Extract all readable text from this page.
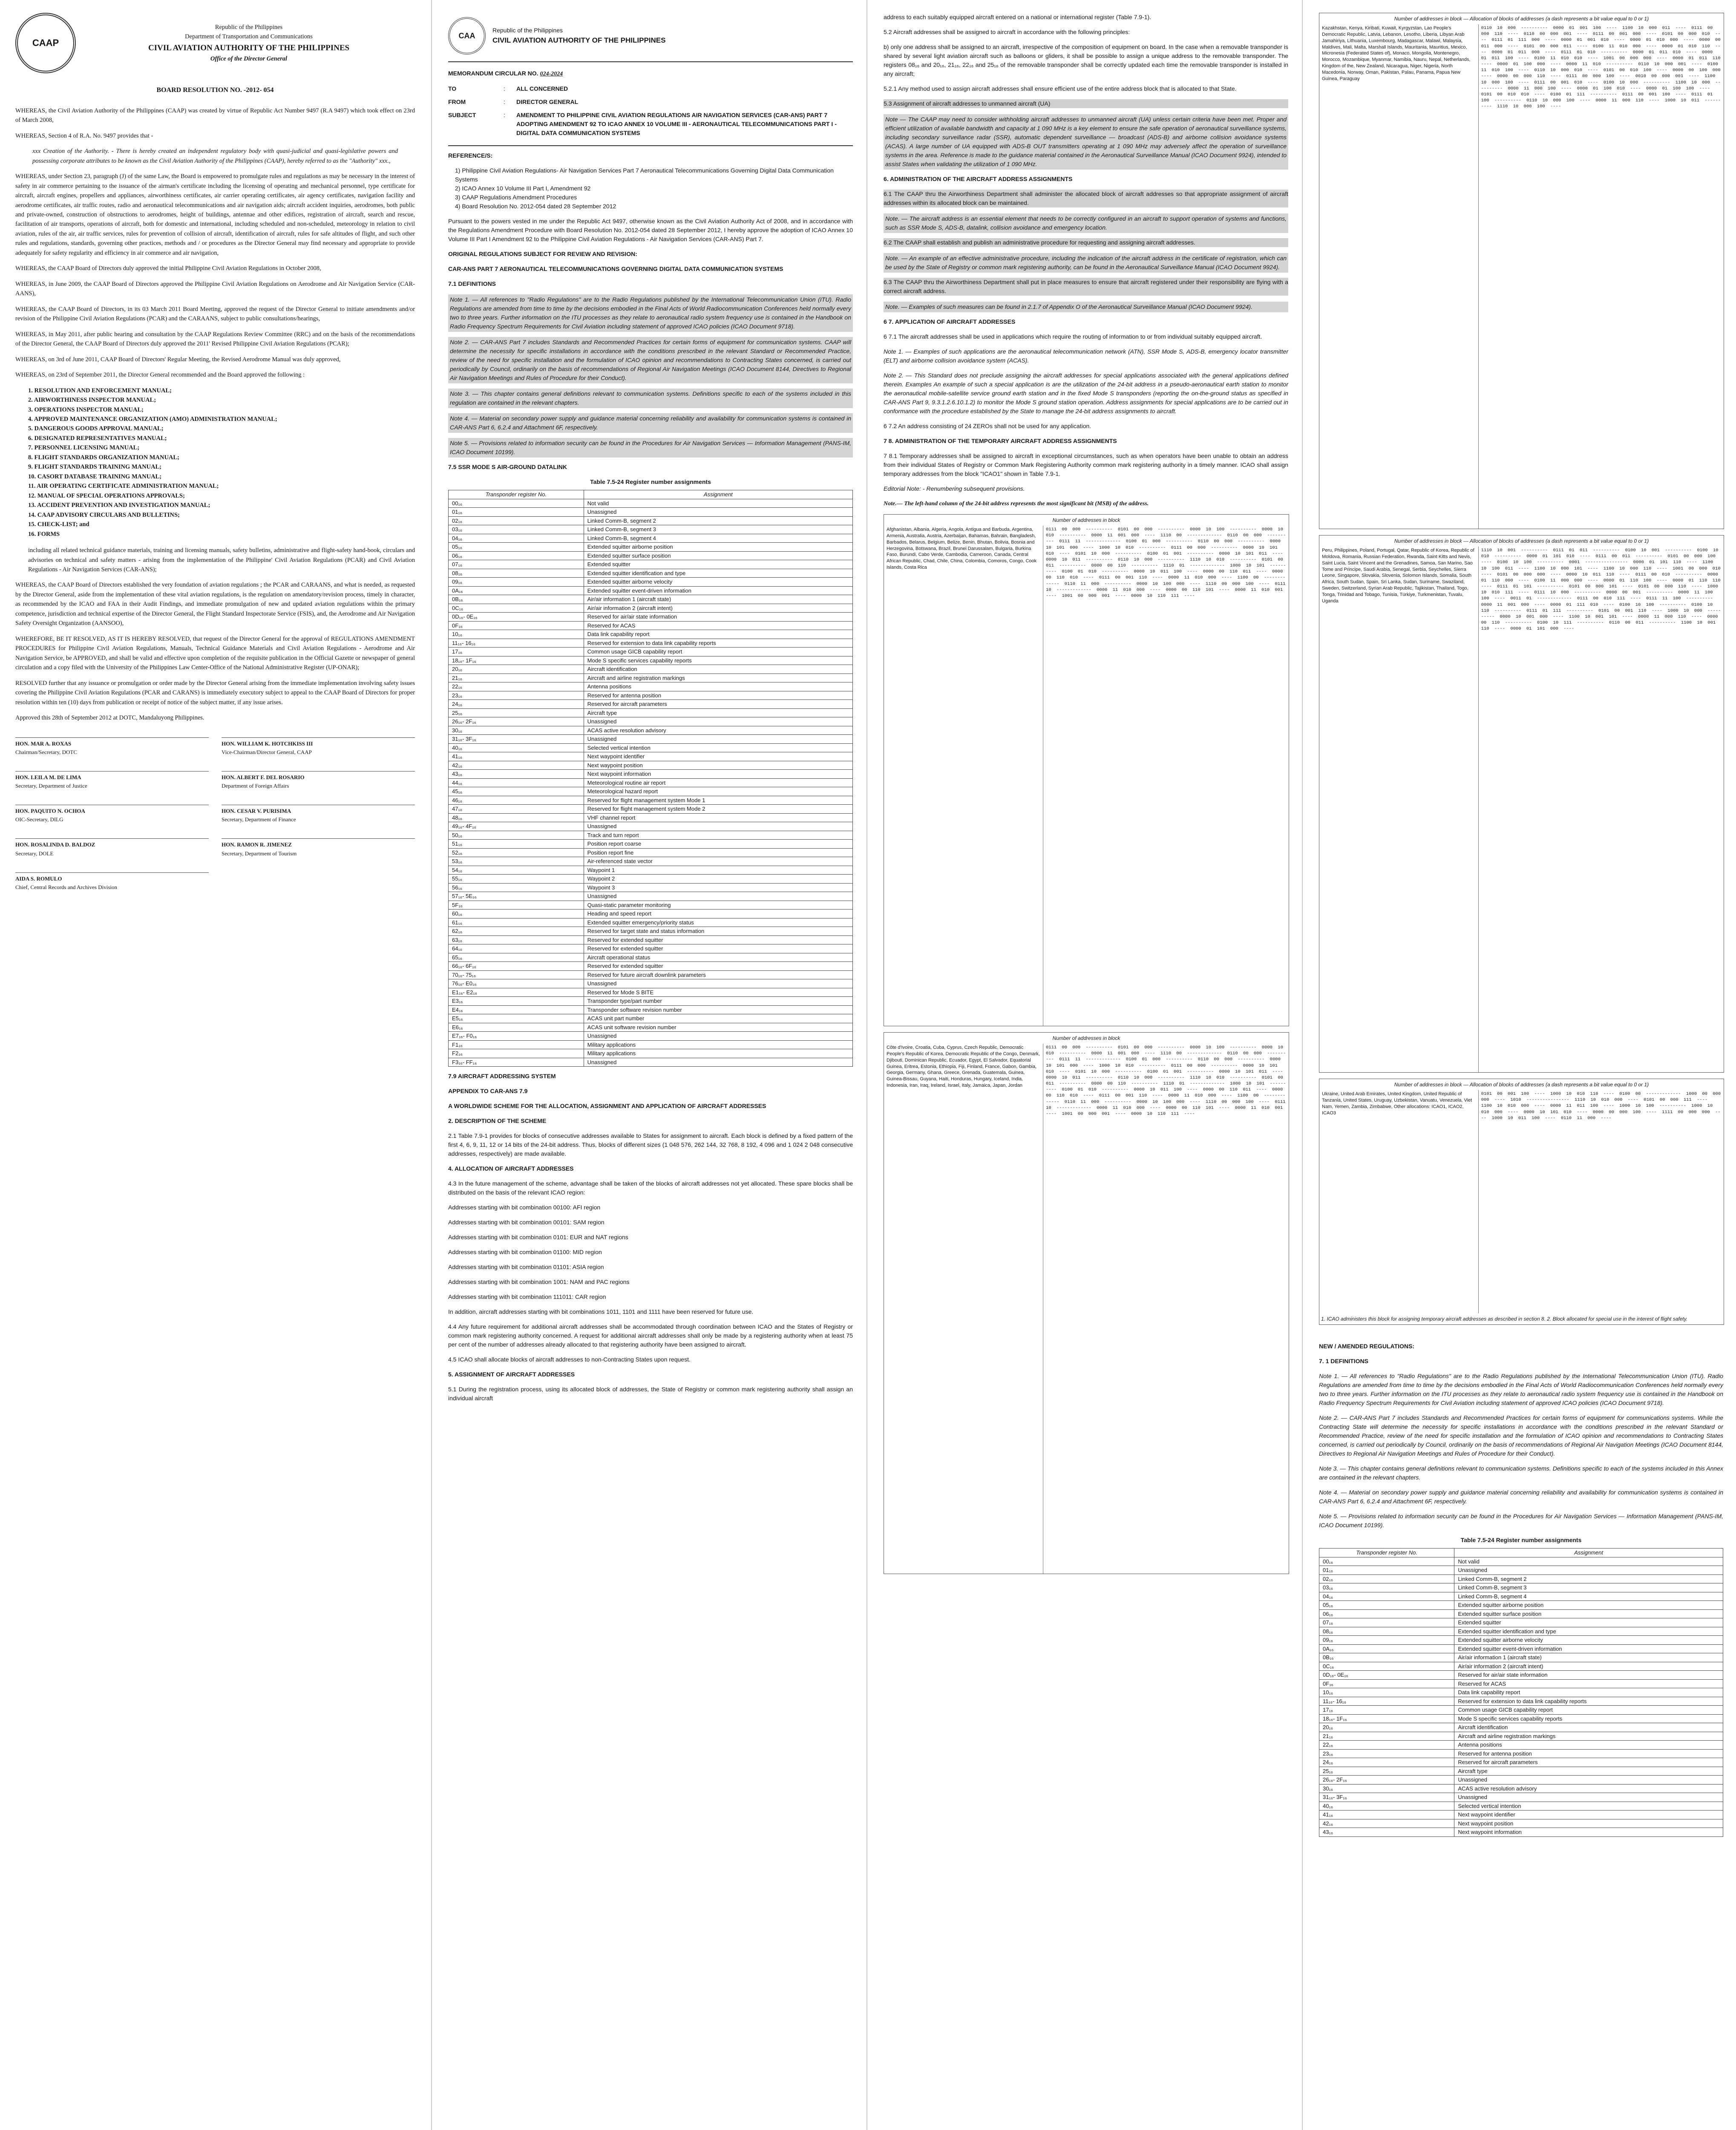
CAAP
Republic of the Philippines
Department of Transportation and Communications
CIVIL AVIATION AUTHORITY OF THE PHILIPPINES
Office of the Director General

BOARD RESOLUTION NO. -2012- 054

WHEREAS, the Civil Aviation Authority of the Philippines (CAAP) was created by virtue of Republic Act Number 9497 (R.A 9497) which took effect on 23rd of March 2008,

WHEREAS, Section 4 of R.A. No. 9497 provides that -

xxx Creation of the Authority. - There is hereby created an independent regulatory body with quasi-judicial and quasi-legislative powers and possessing corporate attributes to be known as the Civil Aviation Authority of the Philippines (CAAP), hereby referred to as the "Authority" xxx.,

WHEREAS, under Section 23, paragraph (J) of the same Law, the Board is empowered to promulgate rules and regulations as may be necessary in the interest of safety in air commerce pertaining to the issuance of the airman's certificate including the licensing of operating and mechanical personnel, type certificate for aircraft, aircraft engines, propellers and appliances, airworthiness certificates, air carrier operating certificates, air agency certificates, navigation facility and aerodrome certificates, air traffic routes, radio and aeronautical telecommunications and air navigation aids; aircraft accident inquiries, aerodromes, both public and private-owned, construction of obstructions to aerodromes, height of buildings, antennae and other edifices, registration of aircraft, search and rescue, facilitation of air transports, operations of aircraft, both for domestic and international, including scheduled and non-scheduled, meteorology in relation to civil aviation, rules of the air, air traffic services, rules for prevention of collision of aircraft, identification of aircraft, rules for safe altitudes of flight, and such other rules and regulations, standards, governing other practices, methods and / or procedures as the Director General may find necessary and appropriate to provide adequately for safety regularity and efficiency in air commerce and air navigation,

WHEREAS, the CAAP Board of Directors duly approved the initial Philippine Civil Aviation Regulations in October 2008,

WHEREAS, in June 2009, the CAAP Board of Directors approved the Philippine Civil Aviation Regulations on Aerodrome and Air Navigation Service (CAR-AANS),

WHEREAS, the CAAP Board of Directors, in its 03 March 2011 Board Meeting, approved the request of the Director General to initiate amendments and/or revision of the Philippine Civil Aviation Regulations (PCAR) and the CARAANS, subject to public consultations/hearings,

WHEREAS, in May 2011, after public hearing and consultation by the CAAP Regulations Review Committee (RRC) and on the basis of the recommendations of the Director General, the CAAP Board of Directors duly approved the 2011' Revised Philippine Civil Aviation Regulations (PCAR);

WHEREAS, on 3rd of June 2011, CAAP Board of Directors' Regular Meeting, the Revised Aerodrome Manual was duly approved,

WHEREAS, on 23rd of September 2011, the Director General recommended and the Board approved the following :

1. RESOLUTION AND ENFORCEMENT MANUAL;
2. AIRWORTHINESS INSPECTOR MANUAL;
3. OPERATIONS INSPECTOR MANUAL;
4. APPROVED MAINTENANCE ORGANIZATION (AMO) ADMINISTRATION MANUAL;
5. DANGEROUS GOODS APPROVAL MANUAL;
6. DESIGNATED REPRESENTATIVES MANUAL;
7. PERSONNEL LICENSING MANUAL;
8. FLIGHT STANDARDS ORGANIZATION MANUAL;
9. FLIGHT STANDARDS TRAINING MANUAL;
10. CASORT DATABASE TRAINING MANUAL;
11. AIR OPERATING CERTIFICATE ADMINISTRATION MANUAL;
12. MANUAL OF SPECIAL OPERATIONS APPROVALS;
13. ACCIDENT PREVENTION AND INVESTIGATION MANUAL;
14. CAAP ADVISORY CIRCULARS AND BULLETINS;
15. CHECK-LIST; and
16. FORMS

including all related technical guidance materials, training and licensing manuals, safety bulletins, administrative and flight-safety hand-book, circulars and advisories on technical and safety matters - arising from the implementation of the Philippine' Civil Aviation Regulations (PCAR) and Civil Aviation Regulations - Air Navigation Services (CAR-ANS);

WHEREAS, the CAAP Board of Directors established the very foundation of aviation regulations ; the PCAR and CARAANS, and what is needed, as requested by the Director General, aside from the implementation of these vital aviation regulations, is the regulation on amendatory/revision process, timely in character, as recommended by the ICAO and FAA in their Audit Findings, and immediate promulgation of new and updated aviation regulations within the primary competence, jurisdiction and technical expertise of the Director General, the Flight Standard Inspectorate Service (FSIS), and, the Aerodrome and Air Navigation Safety Oversight Organization (AANSOO),

WHEREFORE, BE IT RESOLVED, AS IT IS HEREBY RESOLVED, that request of the Director General for the approval of REGULATIONS AMENDMENT PROCEDURES for Philippine Civil Aviation Regulations, Manuals, Technical Guidance Materials and Civil Aviation Regulations - Aerodrome and Air Navigation Service, be APPROVED, and shall be valid and effective upon completion of the requisite publication in the Official Gazette or newspaper of general circulation and a copy filed with the University of the Philippines Law Center-Office of the National Administrative Register (UP-ONAR);

RESOLVED further that any issuance or promulgation or order made by the Director General arising from the immediate implementation involving safety issues covering the Philippine Civil Aviation Regulations (PCAR and CARANS) is immediately executory subject to appeal to the CAAP Board of Directors for proper resolution within ten (10) days from publication or receipt of notice of the subject matter, if any issue arises.

Approved this 28th of September 2012 at DOTC, Mandaluyong Philippines.

HON. MAR A. ROXAS
Chairman/Secretary, DOTC
HON. WILLIAM K. HOTCHKISS III
Vice-Chairman/Director General, CAAP
HON. LEILA M. DE LIMA
Secretary, Department of Justice
HON. ALBERT F. DEL ROSARIO
Department of Foreign Affairs
HON. PAQUITO N. OCHOA
OIC-Secretary, DILG
HON. CESAR V. PURISIMA
Secretary, Department of Finance
HON. ROSALINDA D. BALDOZ
Secretary, DOLE
HON. RAMON R. JIMENEZ
Secretary, Department of Tourism
AIDA S. ROMULO
Chief, Central Records and Archives Division
CAA
Republic of the Philippines
CIVIL AVIATION AUTHORITY OF THE PHILIPPINES

MEMORANDUM CIRCULAR NO. 024-2024

TO	:	ALL CONCERNED
FROM	:	DIRECTOR GENERAL
SUBJECT	:	AMENDMENT TO PHILIPPINE CIVIL AVIATION REGULATIONS AIR NAVIGATION SERVICES (CAR-ANS) PART 7 ADOPTING AMENDMENT 92 TO ICAO ANNEX 10 VOLUME III - AERONAUTICAL TELECOMMUNICATIONS PART I - DIGITAL DATA COMMUNICATION SYSTEMS

REFERENCE/S:

1) Philippine Civil Aviation Regulations- Air Navigation Services Part 7 Aeronautical Telecommunications Governing Digital Data Communication Systems
2) ICAO Annex 10 Volume III Part I, Amendment 92
3) CAAP Regulations Amendment Procedures
4) Board Resolution No. 2012-054 dated 28 September 2012

Pursuant to the powers vested in me under the Republic Act 9497, otherwise known as the Civil Aviation Authority Act of 2008, and in accordance with the Regulations Amendment Procedure with Board Resolution No. 2012-054 dated 28 September 2012, I hereby approve the adoption of ICAO Annex 10 Volume III Part I Amendment 92 to the Philippine Civil Aviation Regulations - Air Navigation Services (CAR-ANS) Part 7.

ORIGINAL REGULATIONS SUBJECT FOR REVIEW AND REVISION:

CAR-ANS PART 7 AERONAUTICAL TELECOMMUNICATIONS GOVERNING DIGITAL DATA COMMUNICATION SYSTEMS

7.1 DEFINITIONS

Note 1. — All references to "Radio Regulations" are to the Radio Regulations published by the International Telecommunication Union (ITU). Radio Regulations are amended from time to time by the decisions embodied in the Final Acts of World Radiocommunication Conferences held normally every two to three years. Further information on the ITU processes as they relate to aeronautical radio system frequency use is contained in the Handbook on Radio Frequency Spectrum Requirements for Civil Aviation including statement of approved ICAO policies (ICAO Document 9718).

Note 2. — CAR-ANS Part 7 includes Standards and Recommended Practices for certain forms of equipment for communication systems. CAAP will determine the necessity for specific installations in accordance with the conditions prescribed in the relevant Standard or Recommended Practice, review of the need for specific installation and the formulation of ICAO opinion and recommendations to Contracting States concerned, is carried out periodically by Council, ordinarily on the basis of recommendations of Regional Air Navigation Meetings (ICAO Document 8144, Directives to Regional Air Navigation Meetings and Rules of Procedure for their Conduct).

Note 3. — This chapter contains general definitions relevant to communication systems. Definitions specific to each of the systems included in this regulation are contained in the relevant chapters.

Note 4. — Material on secondary power supply and guidance material concerning reliability and availability for communication systems is contained in CAR-ANS Part 6, 6.2.4 and Attachment 6F, respectively.

Note 5. — Provisions related to information security can be found in the Procedures for Air Navigation Services — Information Management (PANS-IM, ICAO Document 10199).

7.5 SSR MODE S AIR-GROUND DATALINK

Table 7.5-24 Register number assignments
Transponder register No.	Assignment
00₁₆	Not valid
01₁₆	Unassigned
02₁₆	Linked Comm-B, segment 2
03₁₆	Linked Comm-B, segment 3
04₁₆	Linked Comm-B, segment 4
05₁₆	Extended squitter airborne position
06₁₆	Extended squitter surface position
07₁₆	Extended squitter
08₁₆	Extended squitter identification and type
09₁₆	Extended squitter airborne velocity
0A₁₆	Extended squitter event-driven information
0B₁₆	Air/air information 1 (aircraft state)
0C₁₆	Air/air information 2 (aircraft intent)
0D₁₆- 0E₁₆	Reserved for air/air state information
0F₁₆	Reserved for ACAS
10₁₆	Data link capability report
11₁₆- 16₁₆	Reserved for extension to data link capability reports
17₁₆	Common usage GICB capability report
18₁₆- 1F₁₆	Mode S specific services capability reports
20₁₆	Aircraft identification
21₁₆	Aircraft and airline registration markings
22₁₆	Antenna positions
23₁₆	Reserved for antenna position
24₁₆	Reserved for aircraft parameters
25₁₆	Aircraft type
26₁₆- 2F₁₆	Unassigned
30₁₆	ACAS active resolution advisory
31₁₆- 3F₁₆	Unassigned
40₁₆	Selected vertical intention
41₁₆	Next waypoint identifier
42₁₆	Next waypoint position
43₁₆	Next waypoint information
44₁₆	Meteorological routine air report
45₁₆	Meteorological hazard report
46₁₆	Reserved for flight management system Mode 1
47₁₆	Reserved for flight management system Mode 2
48₁₆	VHF channel report
49₁₆- 4F₁₆	Unassigned
50₁₆	Track and turn report
51₁₆	Position report coarse
52₁₆	Position report fine
53₁₆	Air-referenced state vector
54₁₆	Waypoint 1
55₁₆	Waypoint 2
56₁₆	Waypoint 3
57₁₆- 5E₁₆	Unassigned
5F₁₆	Quasi-static parameter monitoring
60₁₆	Heading and speed report
61₁₆	Extended squitter emergency/priority status
62₁₆	Reserved for target state and status information
63₁₆	Reserved for extended squitter
64₁₆	Reserved for extended squitter
65₁₆	Aircraft operational status
66₁₆- 6F₁₆	Reserved for extended squitter
70₁₆- 75₁₆	Reserved for future aircraft downlink parameters
76₁₆- E0₁₆	Unassigned
E1₁₆- E2₁₆	Reserved for Mode S BITE
E3₁₆	Transponder type/part number
E4₁₆	Transponder software revision number
E5₁₆	ACAS unit part number
E6₁₆	ACAS unit software revision number
E7₁₆- F0₁₆	Unassigned
F1₁₆	Military applications
F2₁₆	Military applications
F3₁₆- FF₁₆	Unassigned

7.9 AIRCRAFT ADDRESSING SYSTEM

APPENDIX TO CAR-ANS 7.9

A WORLDWIDE SCHEME FOR THE ALLOCATION, ASSIGNMENT AND APPLICATION OF AIRCRAFT ADDRESSES

2. DESCRIPTION OF THE SCHEME

2.1 Table 7.9-1 provides for blocks of consecutive addresses available to States for assignment to aircraft. Each block is defined by a fixed pattern of the first 4, 6, 9, 11, 12 or 14 bits of the 24-bit address. Thus, blocks of different sizes (1 048 576, 262 144, 32 768, 8 192, 4 096 and 1 024 2 048 consecutive addresses, respectively) are made available.

4. ALLOCATION OF AIRCRAFT ADDRESSES

4.3 In the future management of the scheme, advantage shall be taken of the blocks of aircraft addresses not yet allocated. These spare blocks shall be distributed on the basis of the relevant ICAO region:

Addresses starting with bit combination 00100: AFI region

Addresses starting with bit combination 00101: SAM region

Addresses starting with bit combination 0101: EUR and NAT regions

Addresses starting with bit combination 01100: MID region

Addresses starting with bit combination 01101: ASIA region

Addresses starting with bit combination 1001: NAM and PAC regions

Addresses starting with bit combination 111011: CAR region

In addition, aircraft addresses starting with bit combinations 1011, 1101 and 1111 have been reserved for future use.

4.4 Any future requirement for additional aircraft addresses shall be accommodated through coordination between ICAO and the States of Registry or common mark registering authority concerned. A request for additional aircraft addresses shall only be made by a registering authority when at least 75 per cent of the number of addresses already allocated to that registering authority have been assigned to aircraft.

4.5 ICAO shall allocate blocks of aircraft addresses to non-Contracting States upon request.

5. ASSIGNMENT OF AIRCRAFT ADDRESSES

5.1 During the registration process, using its allocated block of addresses, the State of Registry or common mark registering authority shall assign an individual aircraft

address to each suitably equipped aircraft entered on a national or international register (Table 7.9-1).

5.2 Aircraft addresses shall be assigned to aircraft in accordance with the following principles:

b) only one address shall be assigned to an aircraft, irrespective of the composition of equipment on board. In the case when a removable transponder is shared by several light aviation aircraft such as balloons or gliders, it shall be possible to assign a unique address to the removable transponder. The registers 08₁₆ and 20₁₆, 21₁₆, 22₁₆ and 25₁₆ of the removable transponder shall be correctly updated each time the removable transponder is installed in any aircraft;

5.2.1 Any method used to assign aircraft addresses shall ensure efficient use of the entire address block that is allocated to that State.

5.3 Assignment of aircraft addresses to unmanned aircraft (UA)

Note — The CAAP may need to consider withholding aircraft addresses to unmanned aircraft (UA) unless certain criteria have been met. Proper and efficient utilization of available bandwidth and capacity at 1 090 MHz is a key element to ensure the safe operation of aeronautical surveillance systems, including secondary surveillance radar (SSR), automatic dependent surveillance — broadcast (ADS-B) and airborne collision avoidance systems (ACAS). A large number of UA equipped with ADS-B OUT transmitters operating at 1 090 MHz may adversely affect the operation of surveillance systems in the area. Reference is made to the guidance material contained in the Aeronautical Surveillance Manual (ICAO Document 9924), intended to assist States when validating the utilization of 1 090 MHz.

6. ADMINISTRATION OF THE AIRCRAFT ADDRESS ASSIGNMENTS

6.1 The CAAP thru the Airworthiness Department shall administer the allocated block of aircraft addresses so that appropriate assignment of aircraft addresses within its allocated block can be maintained.

Note. — The aircraft address is an essential element that needs to be correctly configured in an aircraft to support operation of systems and functions, such as SSR Mode S, ADS-B, datalink, collision avoidance and emergency location.

6.2 The CAAP shall establish and publish an administrative procedure for requesting and assigning aircraft addresses.

Note. — An example of an effective administrative procedure, including the indication of the aircraft address in the certificate of registration, which can be used by the State of Registry or common mark registering authority, can be found in the Aeronautical Surveillance Manual (ICAO Document 9924).

6.3 The CAAP thru the Airworthiness Department shall put in place measures to ensure that aircraft registered under their responsibility are flying with a correct aircraft address.

Note. — Examples of such measures can be found in 2.1.7 of Appendix O of the Aeronautical Surveillance Manual (ICAO Document 9924).

6 7. APPLICATION OF AIRCRAFT ADDRESSES

6 7.1 The aircraft addresses shall be used in applications which require the routing of information to or from individual suitably equipped aircraft.

Note 1. — Examples of such applications are the aeronautical telecommunication network (ATN), SSR Mode S, ADS-B, emergency locator transmitter (ELT) and airborne collision avoidance system (ACAS).

Note 2. — This Standard does not preclude assigning the aircraft addresses for special applications associated with the general applications defined therein. Examples An example of such a special application is are the utilization of the 24-bit address in a pseudo-aeronautical earth station to monitor the aeronautical mobile-satellite service ground earth station and in the fixed Mode S transponders (reporting the on-the-ground status as specified in CAR-ANS Part 9, 9.3.1.2.6.10.1.2) to monitor the Mode S ground station operation. Address assignments for special applications are to be carried out in conformance with the procedure established by the State to manage the 24-bit address assignments to aircraft.

6 7.2 An address consisting of 24 ZEROs shall not be used for any application.

7 8. ADMINISTRATION OF THE TEMPORARY AIRCRAFT ADDRESS ASSIGNMENTS

7 8.1 Temporary addresses shall be assigned to aircraft in exceptional circumstances, such as when operators have been unable to obtain an address from their individual States of Registry or Common Mark Registering Authority common mark registering authority in a timely manner. ICAO shall assign temporary addresses from the block "ICAO1" shown in Table 7.9-1.

Editorial Note: - Renumbering subsequent provisions.

Note.— The left-hand column of the 24-bit address represents the most significant bit (MSB) of the address.

Number of addresses in block
Afghanistan, Albania, Algeria, Angola, Antigua and Barbuda, Argentina, Armenia, Australia, Austria, Azerbaijan, Bahamas, Bahrain, Bangladesh, Barbados, Belarus, Belgium, Belize, Benin, Bhutan, Bolivia, Bosnia and Herzegovina, Botswana, Brazil, Brunei Darussalam, Bulgaria, Burkina Faso, Burundi, Cabo Verde, Cambodia, Cameroon, Canada, Central African Republic, Chad, Chile, China, Colombia, Comoros, Congo, Cook Islands, Costa Rica
0111 00 000 ---------- 0101 00 000 ---------- 0000 10 100 ---------- 0000 10 010 ---------- 0000 11 001 000 ---- 1110 00 ------------- 0110 00 000 ---------- 0111 11 ------------- 0100 01 000 ---------- 0110 00 000 ---------- 0000 10 101 000 ---- 1000 10 010 ---------- 0111 00 000 ---------- 0000 10 101 010 ---- 0101 10 000 ---------- 0100 01 001 ---------- 0000 10 101 011 ---- 0000 10 011 ---------- 0110 10 000 ---------- 1110 10 010 ---------- 0101 00 011 ---------- 0000 00 110 ---------- 1110 01 ------------- 1000 10 101 ---------- 0100 01 010 ---------- 0000 10 011 100 ---- 0000 00 110 011 ---- 0000 00 110 010 ---- 0111 00 001 110 ---- 0000 11 010 000 ---- 1100 00 ------------- 0110 11 000 ---------- 0000 10 100 000 ---- 1110 00 000 100 ---- 0111 10 ------------- 0000 11 010 000 ---- 0000 00 110 101 ---- 0000 11 010 001 ---- 1001 00 000 001 ---- 0000 10 110 111 ----
Number of addresses in block
Côte d'Ivoire, Croatia, Cuba, Cyprus, Czech Republic, Democratic People's Republic of Korea, Democratic Republic of the Congo, Denmark, Djibouti, Dominican Republic, Ecuador, Egypt, El Salvador, Equatorial Guinea, Eritrea, Estonia, Ethiopia, Fiji, Finland, France, Gabon, Gambia, Georgia, Germany, Ghana, Greece, Grenada, Guatemala, Guinea, Guinea-Bissau, Guyana, Haiti, Honduras, Hungary, Iceland, India, Indonesia, Iran, Iraq, Ireland, Israel, Italy, Jamaica, Japan, Jordan
0111 00 000 ---------- 0101 00 000 ---------- 0000 10 100 ---------- 0000 10 010 ---------- 0000 11 001 000 ---- 1110 00 ------------- 0110 00 000 ---------- 0111 11 ------------- 0100 01 000 ---------- 0110 00 000 ---------- 0000 10 101 000 ---- 1000 10 010 ---------- 0111 00 000 ---------- 0000 10 101 010 ---- 0101 10 000 ---------- 0100 01 001 ---------- 0000 10 101 011 ---- 0000 10 011 ---------- 0110 10 000 ---------- 1110 10 010 ---------- 0101 00 011 ---------- 0000 00 110 ---------- 1110 01 ------------- 1000 10 101 ---------- 0100 01 010 ---------- 0000 10 011 100 ---- 0000 00 110 011 ---- 0000 00 110 010 ---- 0111 00 001 110 ---- 0000 11 010 000 ---- 1100 00 ------------- 0110 11 000 ---------- 0000 10 100 000 ---- 1110 00 000 100 ---- 0111 10 ------------- 0000 11 010 000 ---- 0000 00 110 101 ---- 0000 11 010 001 ---- 1001 00 000 001 ---- 0000 10 110 111 ----
Number of addresses in block — Allocation of blocks of addresses (a dash represents a bit value equal to 0 or 1)
Kazakhstan, Kenya, Kiribati, Kuwait, Kyrgyzstan, Lao People's Democratic Republic, Latvia, Lebanon, Lesotho, Liberia, Libyan Arab Jamahiriya, Lithuania, Luxembourg, Madagascar, Malawi, Malaysia, Maldives, Mali, Malta, Marshall Islands, Mauritania, Mauritius, Mexico, Micronesia (Federated States of), Monaco, Mongolia, Montenegro, Morocco, Mozambique, Myanmar, Namibia, Nauru, Nepal, Netherlands, Kingdom of the, New Zealand, Nicaragua, Niger, Nigeria, North Macedonia, Norway, Oman, Pakistan, Palau, Panama, Papua New Guinea, Paraguay
0110 10 000 ---------- 0000 01 001 100 ---- 1100 10 000 011 ---- 0111 00 000 110 ---- 0110 00 000 001 ---- 0111 00 001 000 ---- 0101 00 000 010 ---- 0111 01 111 000 ---- 0000 01 001 010 ---- 0000 01 010 000 ---- 0000 00 011 000 ---- 0101 00 000 011 ---- 0100 11 010 000 ---- 0000 01 010 110 ---- 0000 01 011 000 ---- 0111 01 010 ---------- 0000 01 011 010 ---- 0000 01 011 100 ---- 0100 11 010 010 ---- 1001 00 000 000 ---- 0000 01 011 110 ---- 0000 01 100 000 ---- 0000 11 010 ---------- 0110 10 000 001 ---- 0100 11 010 100 ---- 0110 10 000 010 ---- 0101 00 010 100 ---- 0000 00 100 000 ---- 0000 00 000 110 ---- 0111 00 000 100 ---- 0010 00 000 001 ---- 1100 10 000 100 ---- 0111 00 001 010 ---- 0100 10 000 ---------- 1100 10 000 ---------- 0000 11 000 100 ---- 0000 01 100 010 ---- 0000 01 100 100 ---- 0101 00 010 010 ---- 0100 01 111 ---------- 0111 00 001 100 ---- 0111 01 100 ---------- 0110 10 000 100 ---- 0000 11 000 110 ---- 1000 10 011 ---------- 1110 10 000 100 ----
Number of addresses in block — Allocation of blocks of addresses (a dash represents a bit value equal to 0 or 1)
Peru, Philippines, Poland, Portugal, Qatar, Republic of Korea, Republic of Moldova, Romania, Russian Federation, Rwanda, Saint Kitts and Nevis, Saint Lucia, Saint Vincent and the Grenadines, Samoa, San Marino, Sao Tome and Principe, Saudi Arabia, Senegal, Serbia, Seychelles, Sierra Leone, Singapore, Slovakia, Slovenia, Solomon Islands, Somalia, South Africa, South Sudan, Spain, Sri Lanka, Sudan, Suriname, Swaziland, Sweden, Switzerland, Syrian Arab Republic, Tajikistan, Thailand, Togo, Tonga, Trinidad and Tobago, Tunisia, Türkiye, Turkmenistan, Tuvalu, Uganda
1110 10 001 ---------- 0111 01 011 ---------- 0100 10 001 ---------- 0100 10 010 ---------- 0000 01 101 010 ---- 0111 00 011 ---------- 0101 00 000 100 ---- 0100 10 100 ---------- 0001 ---------------- 0000 01 101 110 ---- 1100 10 100 011 ---- 1100 10 000 101 ---- 1100 10 000 110 ---- 1001 00 000 010 ---- 0101 00 000 000 ---- 0000 10 011 110 ---- 0111 00 010 ---------- 0000 01 110 000 ---- 0100 11 000 000 ---- 0000 01 110 100 ---- 0000 01 110 110 ---- 0111 01 101 ---------- 0101 00 000 101 ---- 0101 00 000 110 ---- 1000 10 010 111 ---- 0111 10 000 ---------- 0000 00 001 ---------- 0000 11 100 100 ---- 0011 01 ------------- 0111 00 010 111 ---- 0111 11 100 ---------- 0000 11 001 000 ---- 0000 01 111 010 ---- 0100 10 100 ---------- 0100 10 110 ---------- 0111 01 111 ---------- 0101 00 001 110 ---- 1000 10 000 ---------- 0000 10 001 000 ---- 1100 10 001 101 ---- 0000 11 000 110 ---- 0000 00 110 ---------- 0100 10 111 ---------- 0110 00 011 ---------- 1100 10 001 110 ---- 0000 01 101 000 ----
Number of addresses in block — Allocation of blocks of addresses (a dash represents a bit value equal to 0 or 1)
Ukraine, United Arab Emirates, United Kingdom, United Republic of Tanzania, United States, Uruguay, Uzbekistan, Vanuatu, Venezuela, Viet Nam, Yemen, Zambia, Zimbabwe, Other allocations: ICAO1, ICAO2, ICAO3
0101 00 001 100 ---- 1000 10 010 110 ---- 0100 00 ------------- 1000 00 000 000 ---- 1010 ---------------- 1110 10 010 000 ---- 0101 00 000 111 ---- 1100 10 010 000 ---- 0000 11 011 100 ---- 1000 10 100 ---------- 1000 10 010 000 ---- 0000 10 101 010 ---- 0000 00 000 100 ---- 1111 00 000 000 ---- 1000 10 011 100 ---- 0110 11 000 ----
1. ICAO administers this block for assigning temporary aircraft addresses as described in section 8. 2. Block allocated for special use in the interest of flight safety.

NEW / AMENDED REGULATIONS:

7. 1 DEFINITIONS

Note 1. — All references to "Radio Regulations" are to the Radio Regulations published by the International Telecommunication Union (ITU). Radio Regulations are amended from time to time by the decisions embodied in the Final Acts of World Radiocommunication Conferences held normally every two to three years. Further information on the ITU processes as they relate to aeronautical radio system frequency use is contained in the Handbook on Radio Frequency Spectrum Requirements for Civil Aviation including statement of approved ICAO policies (ICAO Document 9718).

Note 2. — CAR-ANS Part 7 includes Standards and Recommended Practices for certain forms of equipment for communications systems. While the Contracting State will determine the necessity for specific installations in accordance with the conditions prescribed in the relevant Standard or Recommended Practice, review of the need for specific installation and the formulation of ICAO opinion and recommendations to Contracting States concerned, is carried out periodically by Council, ordinarily on the basis of recommendations of Regional Air Navigation Meetings (ICAO Document 8144, Directives to Regional Air Navigation Meetings and Rules of Procedure for their Conduct).

Note 3. — This chapter contains general definitions relevant to communication systems. Definitions specific to each of the systems included in this Annex are contained in the relevant chapters.

Note 4. — Material on secondary power supply and guidance material concerning reliability and availability for communication systems is contained in CAR-ANS Part 6, 6.2.4 and Attachment 6F, respectively.

Note 5. — Provisions related to information security can be found in the Procedures for Air Navigation Services — Information Management (PANS-IM, ICAO Document 10199).

Table 7.5-24 Register number assignments
Transponder register No.	Assignment
00₁₆	Not valid
01₁₆	Unassigned
02₁₆	Linked Comm-B, segment 2
03₁₆	Linked Comm-B, segment 3
04₁₆	Linked Comm-B, segment 4
05₁₆	Extended squitter airborne position
06₁₆	Extended squitter surface position
07₁₆	Extended squitter
08₁₆	Extended squitter identification and type
09₁₆	Extended squitter airborne velocity
0A₁₆	Extended squitter event-driven information
0B₁₆	Air/air information 1 (aircraft state)
0C₁₆	Air/air information 2 (aircraft intent)
0D₁₆- 0E₁₆	Reserved for air/air state information
0F₁₆	Reserved for ACAS
10₁₆	Data link capability report
11₁₆- 16₁₆	Reserved for extension to data link capability reports
17₁₆	Common usage GICB capability report
18₁₆- 1F₁₆	Mode S specific services capability reports
20₁₆	Aircraft identification
21₁₆	Aircraft and airline registration markings
22₁₆	Antenna positions
23₁₆	Reserved for antenna position
24₁₆	Reserved for aircraft parameters
25₁₆	Aircraft type
26₁₆- 2F₁₆	Unassigned
30₁₆	ACAS active resolution advisory
31₁₆- 3F₁₆	Unassigned
40₁₆	Selected vertical intention
41₁₆	Next waypoint identifier
42₁₆	Next waypoint position
43₁₆	Next waypoint information
